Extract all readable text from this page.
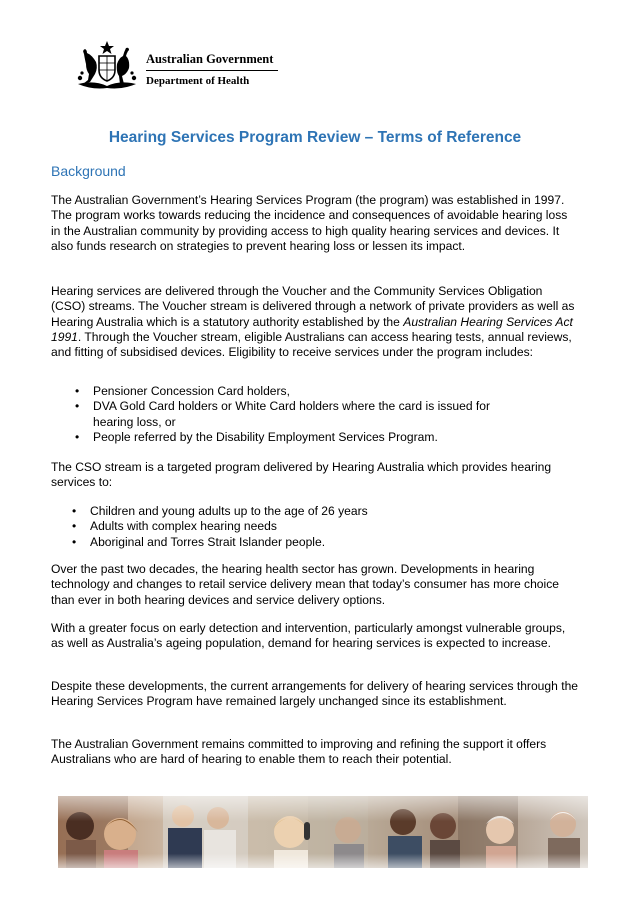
Australian Government
Department of Health
Hearing Services Program Review – Terms of Reference
Background

The Australian Government’s Hearing Services Program (the program) was established in 1997. The program works towards reducing the incidence and consequences of avoidable hearing loss in the Australian community by providing access to high quality hearing services and devices. It also funds research on strategies to prevent hearing loss or lessen its impact.

Hearing services are delivered through the Voucher and the Community Services Obligation (CSO) streams. The Voucher stream is delivered through a network of private providers as well as Hearing Australia which is a statutory authority established by the Australian Hearing Services Act 1991. Through the Voucher stream, eligible Australians can access hearing tests, annual reviews, and fitting of subsidised devices. Eligibility to receive services under the program includes:

• Pensioner Concession Card holders,
• DVA Gold Card holders or White Card holders where the card is issued for hearing loss, or
• People referred by the Disability Employment Services Program.

The CSO stream is a targeted program delivered by Hearing Australia which provides hearing services to:

• Children and young adults up to the age of 26 years
• Adults with complex hearing needs
• Aboriginal and Torres Strait Islander people.

Over the past two decades, the hearing health sector has grown. Developments in hearing technology and changes to retail service delivery mean that today’s consumer has more choice than ever in both hearing devices and service delivery options.

With a greater focus on early detection and intervention, particularly amongst vulnerable groups, as well as Australia’s ageing population, demand for hearing services is expected to increase.

Despite these developments, the current arrangements for delivery of hearing services through the Hearing Services Program have remained largely unchanged since its establishment.

The Australian Government remains committed to improving and refining the support it offers Australians who are hard of hearing to enable them to reach their potential.
